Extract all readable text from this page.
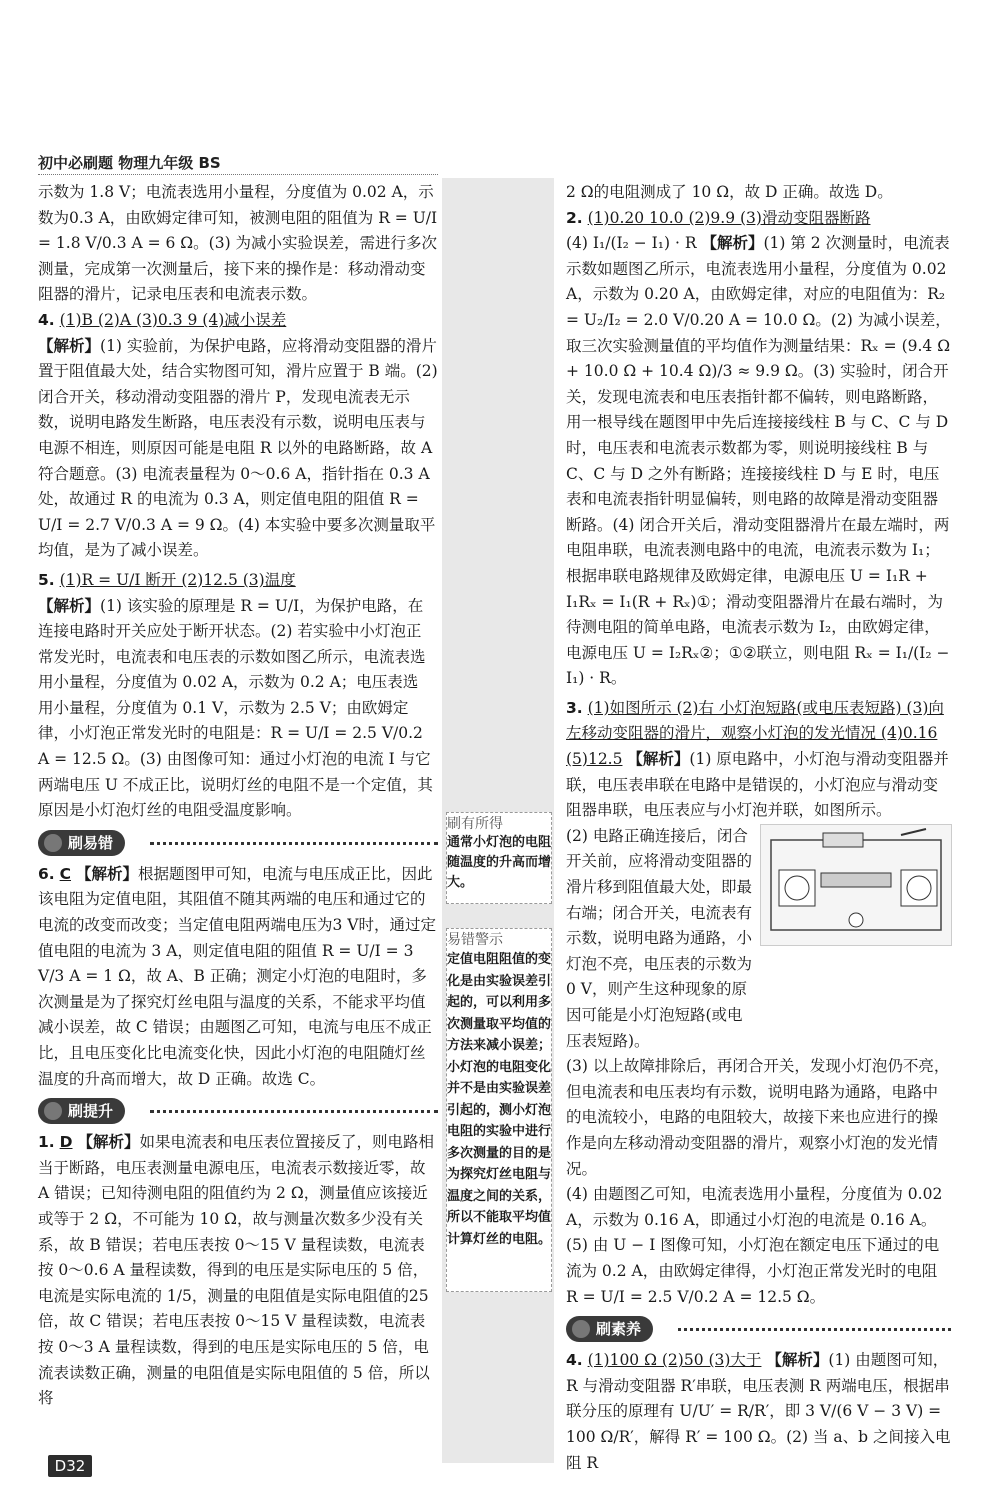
初中必刷题 物理九年级 BS

示数为 1.8 V；电流表选用小量程，分度值为 0.02 A，示数为0.3 A，由欧姆定律可知，被测电阻的阻值为 R = U/I = 1.8 V/0.3 A = 6 Ω。(3) 为减小实验误差，需进行多次测量，完成第一次测量后，接下来的操作是：移动滑动变阻器的滑片，记录电压表和电流表示数。

4. (1)B (2)A (3)0.3 9 (4)减小误差

【解析】(1) 实验前，为保护电路，应将滑动变阻器的滑片置于阻值最大处，结合实物图可知，滑片应置于 B 端。(2) 闭合开关，移动滑动变阻器的滑片 P，发现电流表无示数，说明电路发生断路，电压表没有示数，说明电压表与电源不相连，则原因可能是电阻 R 以外的电路断路，故 A 符合题意。(3) 电流表量程为 0～0.6 A，指针指在 0.3 A 处，故通过 R 的电流为 0.3 A，则定值电阻的阻值 R = U/I = 2.7 V/0.3 A = 9 Ω。(4) 本实验中要多次测量取平均值，是为了减小误差。

5. (1)R = U/I 断开 (2)12.5 (3)温度

【解析】(1) 该实验的原理是 R = U/I，为保护电路，在连接电路时开关应处于断开状态。(2) 若实验中小灯泡正常发光时，电流表和电压表的示数如图乙所示，电流表选用小量程，分度值为 0.02 A，示数为 0.2 A；电压表选用小量程，分度值为 0.1 V，示数为 2.5 V；由欧姆定律，小灯泡正常发光时的电阻是：R = U/I = 2.5 V/0.2 A = 12.5 Ω。(3) 由图像可知：通过小灯泡的电流 I 与它两端电压 U 不成正比，说明灯丝的电阻不是一个定值，其原因是小灯泡灯丝的电阻受温度影响。

刷易错

6. C 【解析】根据题图甲可知，电流与电压成正比，因此该电阻为定值电阻，其阻值不随其两端的电压和通过它的电流的改变而改变；当定值电阻两端电压为3 V时，通过定值电阻的电流为 3 A，则定值电阻的阻值 R = U/I = 3 V/3 A = 1 Ω，故 A、B 正确；测定小灯泡的电阻时，多次测量是为了探究灯丝电阻与温度的关系，不能求平均值减小误差，故 C 错误；由题图乙可知，电流与电压不成正比，且电压变化比电流变化快，因此小灯泡的电阻随灯丝温度的升高而增大，故 D 正确。故选 C。

刷提升

1. D 【解析】如果电流表和电压表位置接反了，则电路相当于断路，电压表测量电源电压，电流表示数接近零，故 A 错误；已知待测电阻的阻值约为 2 Ω，测量值应该接近或等于 2 Ω，不可能为 10 Ω，故与测量次数多少没有关系，故 B 错误；若电压表按 0～15 V 量程读数，电流表按 0～0.6 A 量程读数，得到的电压是实际电压的 5 倍，电流是实际电流的 1/5，测量的电阻值是实际电阻值的25 倍，故 C 错误；若电压表按 0～15 V 量程读数，电流表按 0～3 A 量程读数，得到的电压是实际电压的 5 倍，电流表读数正确，测量的电阻值是实际电阻值的 5 倍，所以将

刷有所得
通常小灯泡的电阻随温度的升高而增大。
易错警示
定值电阻阻值的变化是由实验误差引起的，可以利用多次测量取平均值的方法来减小误差；小灯泡的电阻变化并不是由实验误差引起的，测小灯泡电阻的实验中进行多次测量的目的是为探究灯丝电阻与温度之间的关系，所以不能取平均值计算灯丝的电阻。

2 Ω的电阻测成了 10 Ω，故 D 正确。故选 D。

2. (1)0.20 10.0 (2)9.9 (3)滑动变阻器断路

(4) I₁/(I₂ − I₁) · R 【解析】(1) 第 2 次测量时，电流表示数如题图乙所示，电流表选用小量程，分度值为 0.02 A，示数为 0.20 A，由欧姆定律，对应的电阻值为：R₂ = U₂/I₂ = 2.0 V/0.20 A = 10.0 Ω。(2) 为减小误差，取三次实验测量值的平均值作为测量结果：Rₓ = (9.4 Ω + 10.0 Ω + 10.4 Ω)/3 ≈ 9.9 Ω。(3) 实验时，闭合开关，发现电流表和电压表指针都不偏转，则电路断路，用一根导线在题图甲中先后连接接线柱 B 与 C、C 与 D 时，电压表和电流表示数都为零，则说明接线柱 B 与 C、C 与 D 之外有断路；连接接线柱 D 与 E 时，电压表和电流表指针明显偏转，则电路的故障是滑动变阻器断路。(4) 闭合开关后，滑动变阻器滑片在最左端时，两电阻串联，电流表测电路中的电流，电流表示数为 I₁；根据串联电路规律及欧姆定律，电源电压 U = I₁R + I₁Rₓ = I₁(R + Rₓ)①；滑动变阻器滑片在最右端时，为待测电阻的简单电路，电流表示数为 I₂，由欧姆定律，电源电压 U = I₂Rₓ②；①②联立，则电阻 Rₓ = I₁/(I₂ − I₁) · R。

3. (1)如图所示 (2)右 小灯泡短路(或电压表短路) (3)向左移动变阻器的滑片，观察小灯泡的发光情况 (4)0.16 (5)12.5 【解析】(1) 原电路中，小灯泡与滑动变阻器并联，电压表串联在电路中是错误的，小灯泡应与滑动变阻器串联，电压表应与小灯泡并联，如图所示。

(2) 电路正确连接后，闭合开关前，应将滑动变阻器的滑片移到阻值最大处，即最右端；闭合开关，电流表有示数，说明电路为通路，小灯泡不亮，电压表的示数为 0 V，则产生这种现象的原因可能是小灯泡短路(或电压表短路)。

(3) 以上故障排除后，再闭合开关，发现小灯泡仍不亮，但电流表和电压表均有示数，说明电路为通路，电路中的电流较小，电路的电阻较大，故接下来也应进行的操作是向左移动滑动变阻器的滑片，观察小灯泡的发光情况。

(4) 由题图乙可知，电流表选用小量程，分度值为 0.02 A，示数为 0.16 A，即通过小灯泡的电流是 0.16 A。

(5) 由 U − I 图像可知，小灯泡在额定电压下通过的电流为 0.2 A，由欧姆定律得，小灯泡正常发光时的电阻 R = U/I = 2.5 V/0.2 A = 12.5 Ω。

刷素养

4. (1)100 Ω (2)50 (3)大于 【解析】(1) 由题图可知，R 与滑动变阻器 R′串联，电压表测 R 两端电压，根据串联分压的原理有 U/U′ = R/R′，即 3 V/(6 V − 3 V) = 100 Ω/R′，解得 R′ = 100 Ω。(2) 当 a、b 之间接入电阻 R

D32
